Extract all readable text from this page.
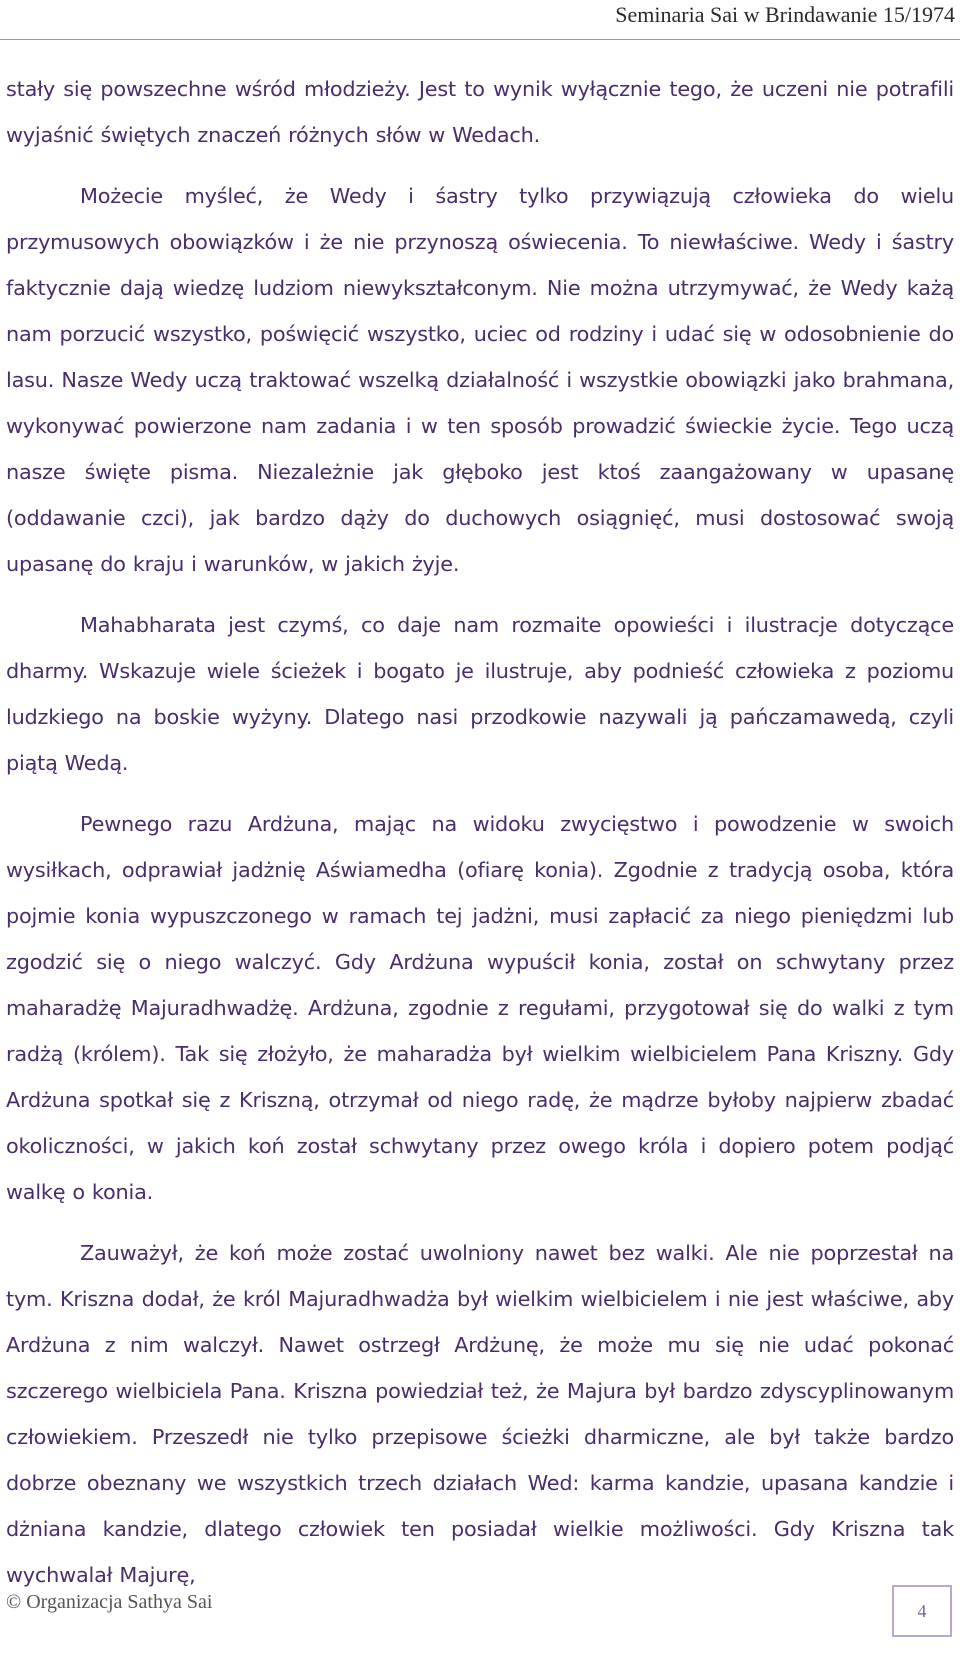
Seminaria Sai w Brindawanie 15/1974

stały się powszechne wśród młodzieży. Jest to wynik wyłącznie tego, że uczeni nie potrafili wyjaśnić świętych znaczeń różnych słów w Wedach.

Możecie myśleć, że Wedy i śastry tylko przywiązują człowieka do wielu przymusowych obowiązków i że nie przynoszą oświecenia. To niewłaściwe. Wedy i śastry faktycznie dają wiedzę ludziom niewykształconym. Nie można utrzymywać, że Wedy każą nam porzucić wszystko, poświęcić wszystko, uciec od rodziny i udać się w odosobnienie do lasu. Nasze Wedy uczą traktować wszelką działalność i wszystkie obowiązki jako brahmana, wykonywać powierzone nam zadania i w ten sposób prowadzić świeckie życie. Tego uczą nasze święte pisma. Niezależnie jak głęboko jest ktoś zaangażowany w upasanę (oddawanie czci), jak bardzo dąży do duchowych osiągnięć, musi dostosować swoją upasanę do kraju i warunków, w jakich żyje.

Mahabharata jest czymś, co daje nam rozmaite opowieści i ilustracje dotyczące dharmy. Wskazuje wiele ścieżek i bogato je ilustruje, aby podnieść człowieka z poziomu ludzkiego na boskie wyżyny. Dlatego nasi przodkowie nazywali ją pańczamawedą, czyli piątą Wedą.

Pewnego razu Ardżuna, mając na widoku zwycięstwo i powodzenie w swoich wysiłkach, odprawiał jadżnię Aświamedha (ofiarę konia). Zgodnie z tradycją osoba, która pojmie konia wypuszczonego w ramach tej jadżni, musi zapłacić za niego pieniędzmi lub zgodzić się o niego walczyć. Gdy Ardżuna wypuścił konia, został on schwytany przez maharadżę Majuradhwadżę. Ardżuna, zgodnie z regułami, przygotował się do walki z tym radżą (królem). Tak się złożyło, że maharadża był wielkim wielbicielem Pana Kriszny. Gdy Ardżuna spotkał się z Kriszną, otrzymał od niego radę, że mądrze byłoby najpierw zbadać okoliczności, w jakich koń został schwytany przez owego króla i dopiero potem podjąć walkę o konia.

Zauważył, że koń może zostać uwolniony nawet bez walki. Ale nie poprzestał na tym. Kriszna dodał, że król Majuradhwadża był wielkim wielbicielem i nie jest właściwe, aby Ardżuna z nim walczył. Nawet ostrzegł Ardżunę, że może mu się nie udać pokonać szczerego wielbiciela Pana. Kriszna powiedział też, że Majura był bardzo zdyscyplinowanym człowiekiem. Przeszedł nie tylko przepisowe ścieżki dharmiczne, ale był także bardzo dobrze obeznany we wszystkich trzech działach Wed: karma kandzie, upasana kandzie i dżniana kandzie, dlatego człowiek ten posiadał wielkie możliwości. Gdy Kriszna tak wychwalał Majurę,

© Organizacja Sathya Sai	4
